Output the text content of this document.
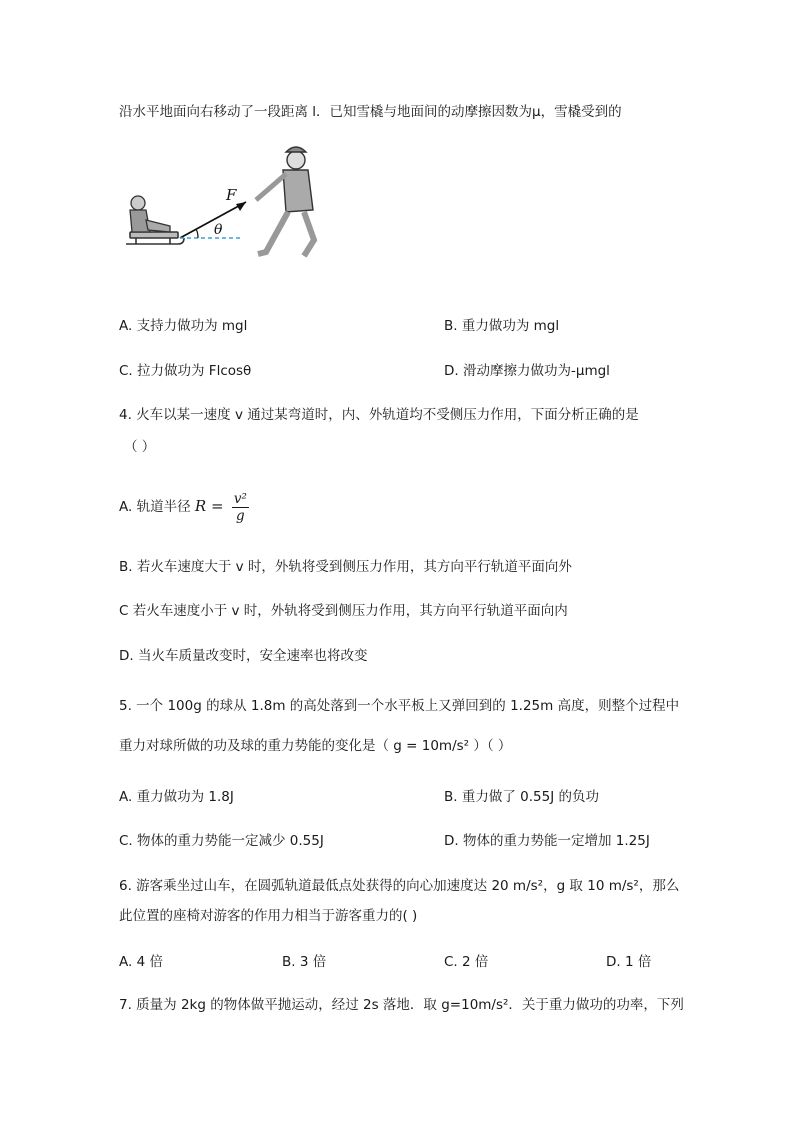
沿水平地面向右移动了一段距离 l．已知雪橇与地面间的动摩擦因数为μ，雪橇受到的
F
θ
A. 支持力做功为 mgl	B. 重力做功为 mgl
C. 拉力做功为 Flcosθ	D. 滑动摩擦力做功为-μmgl
4. 火车以某一速度 v 通过某弯道时，内、外轨道均不受侧压力作用，下面分析正确的是
（ ）
A. 轨道半径 $R = \frac{\text{v²}}{g}$
B. 若火车速度大于 v 时，外轨将受到侧压力作用，其方向平行轨道平面向外
C 若火车速度小于 v 时，外轨将受到侧压力作用，其方向平行轨道平面向内
D. 当火车质量改变时，安全速率也将改变
5. 一个 100g 的球从 1.8m 的高处落到一个水平板上又弹回到的 1.25m 高度，则整个过程中
重力对球所做的功及球的重力势能的变化是（ g = 10m/s² ）（ ）
A. 重力做功为 1.8J	B. 重力做了 0.55J 的负功
C. 物体的重力势能一定减少 0.55J	D. 物体的重力势能一定增加 1.25J
6. 游客乘坐过山车，在圆弧轨道最低点处获得的向心加速度达 20 m/s²，g 取 10 m/s²，那么
此位置的座椅对游客的作用力相当于游客重力的( )
A. 4 倍	B. 3 倍	C. 2 倍	D. 1 倍
7. 质量为 2kg 的物体做平抛运动，经过 2s 落地．取 g=10m/s²．关于重力做功的功率，下列
